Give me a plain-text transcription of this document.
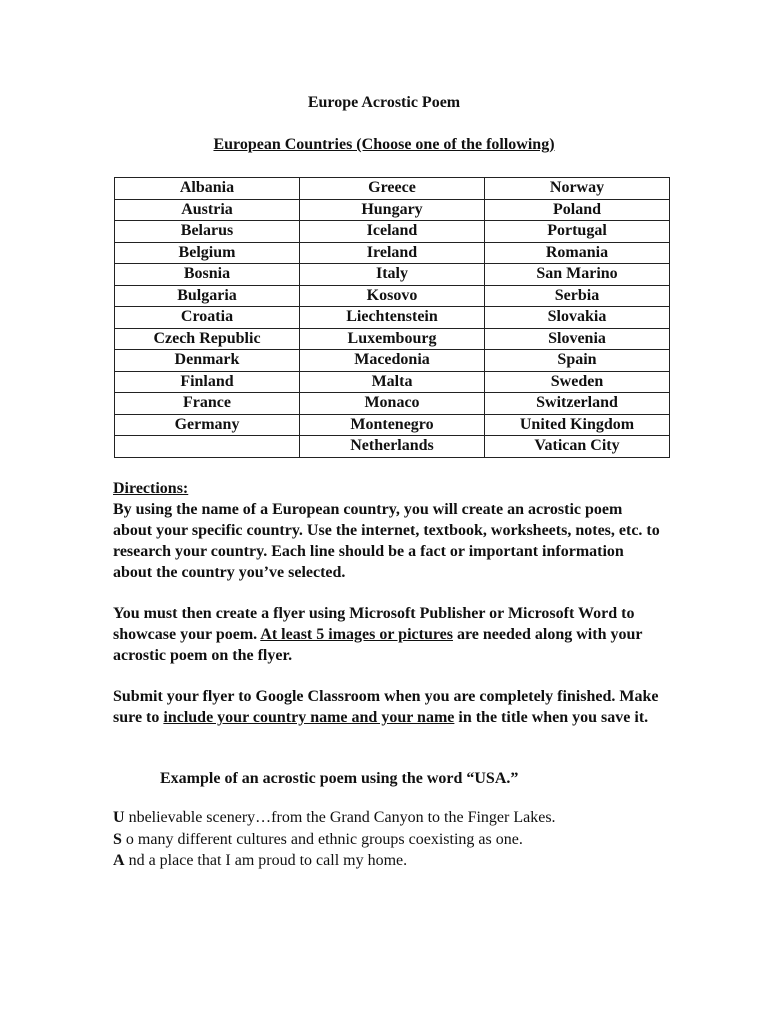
Europe Acrostic Poem
European Countries (Choose one of the following)
Albania	Greece	Norway
Austria	Hungary	Poland
Belarus	Iceland	Portugal
Belgium	Ireland	Romania
Bosnia	Italy	San Marino
Bulgaria	Kosovo	Serbia
Croatia	Liechtenstein	Slovakia
Czech Republic	Luxembourg	Slovenia
Denmark	Macedonia	Spain
Finland	Malta	Sweden
France	Monaco	Switzerland
Germany	Montenegro	United Kingdom
	Netherlands	Vatican City
Directions:
By using the name of a European country, you will create an acrostic poem about your specific country. Use the internet, textbook, worksheets, notes, etc. to research your country. Each line should be a fact or important information about the country you’ve selected.
You must then create a flyer using Microsoft Publisher or Microsoft Word to showcase your poem. At least 5 images or pictures are needed along with your acrostic poem on the flyer.
Submit your flyer to Google Classroom when you are completely finished. Make sure to include your country name and your name in the title when you save it.
Example of an acrostic poem using the word “USA.”
U nbelievable scenery…from the Grand Canyon to the Finger Lakes.
S o many different cultures and ethnic groups coexisting as one.
A nd a place that I am proud to call my home.
